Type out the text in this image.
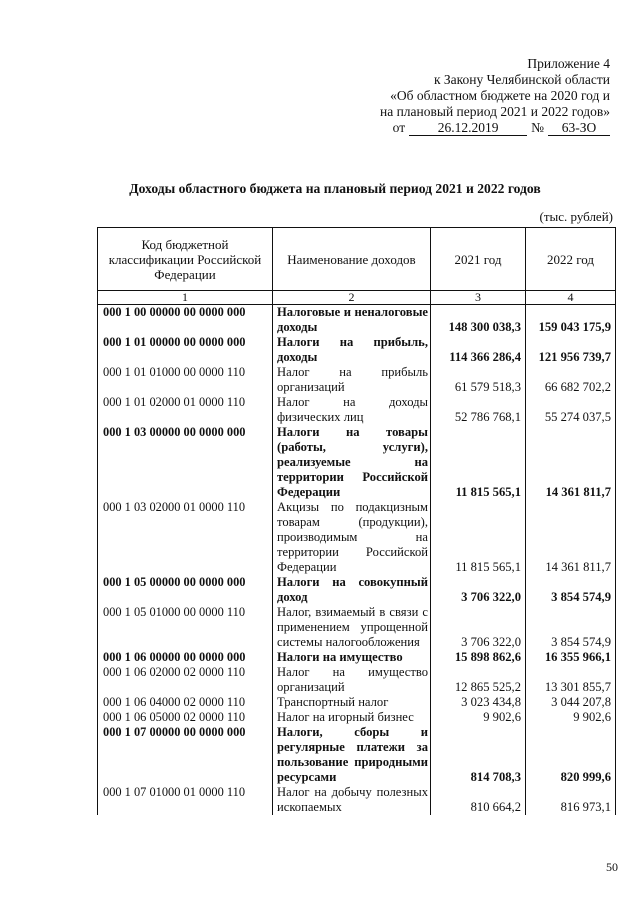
Приложение 4
к Закону Челябинской области
«Об областном бюджете на 2020 год и
на плановый период 2021 и 2022 годов»
от	26.12.2019	№	63-ЗО
Доходы областного бюджета на плановый период 2021 и 2022 годов
(тыс. рублей)
Код бюджетной классификации Российской Федерации	Наименование доходов	2021 год	2022 год
1	2	3	4
000 1 00 00000 00 0000 000	Налоговые и неналоговые доходы	148 300 038,3	159 043 175,9
000 1 01 00000 00 0000 000	Налоги на прибыль, доходы	114 366 286,4	121 956 739,7
000 1 01 01000 00 0000 110	Налог на прибыль организаций	61 579 518,3	66 682 702,2
000 1 01 02000 01 0000 110	Налог на доходы физических лиц	52 786 768,1	55 274 037,5
000 1 03 00000 00 0000 000	Налоги на товары (работы, услуги), реализуемые на территории Российской Федерации	11 815 565,1	14 361 811,7
000 1 03 02000 01 0000 110	Акцизы по подакцизным товарам (продукции), производимым на территории Российской Федерации	11 815 565,1	14 361 811,7
000 1 05 00000 00 0000 000	Налоги на совокупный доход	3 706 322,0	3 854 574,9
000 1 05 01000 00 0000 110	Налог, взимаемый в связи с применением упрощенной системы налогообложения	3 706 322,0	3 854 574,9
000 1 06 00000 00 0000 000	Налоги на имущество	15 898 862,6	16 355 966,1
000 1 06 02000 02 0000 110	Налог на имущество организаций	12 865 525,2	13 301 855,7
000 1 06 04000 02 0000 110	Транспортный налог	3 023 434,8	3 044 207,8
000 1 06 05000 02 0000 110	Налог на игорный бизнес	9 902,6	9 902,6
000 1 07 00000 00 0000 000	Налоги, сборы и регулярные платежи за пользование природными ресурсами	814 708,3	820 999,6
000 1 07 01000 01 0000 110	Налог на добычу полезных ископаемых	810 664,2	816 973,1
50
